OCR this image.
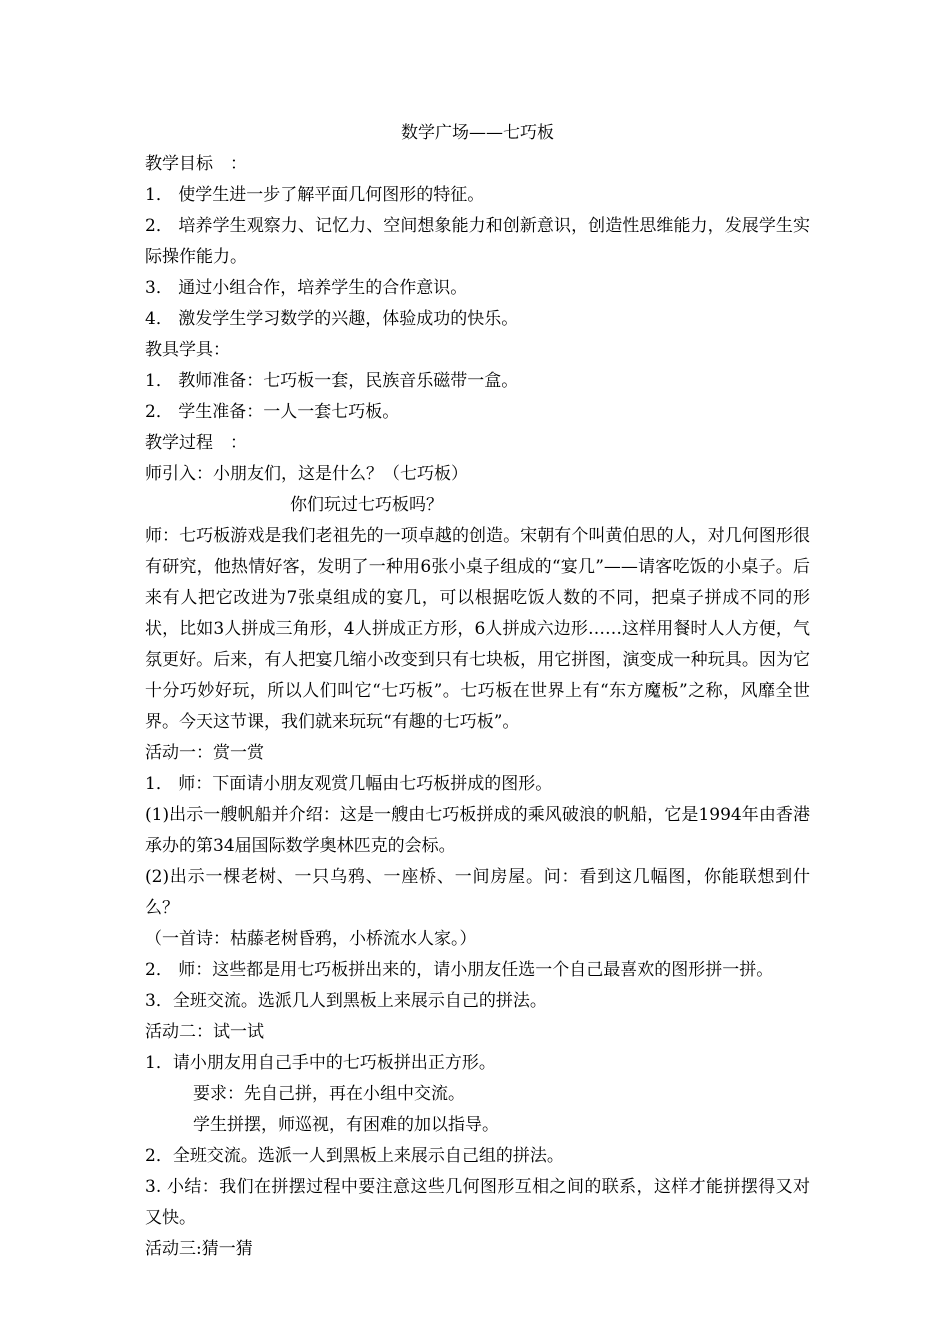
数学广场——七巧板
教学目标　：
1． 使学生进一步了解平面几何图形的特征。
2． 培养学生观察力、记忆力、空间想象能力和创新意识，创造性思维能力，发展学生实际操作能力。
3． 通过小组合作，培养学生的合作意识。
4． 激发学生学习数学的兴趣，体验成功的快乐。
教具学具：
1． 教师准备：七巧板一套，民族音乐磁带一盒。
2． 学生准备：一人一套七巧板。
教学过程　：
师引入：小朋友们，这是什么？（七巧板）
你们玩过七巧板吗？
师：七巧板游戏是我们老祖先的一项卓越的创造。宋朝有个叫黄伯思的人，对几何图形很有研究，他热情好客，发明了一种用6张小桌子组成的“宴几”——请客吃饭的小桌子。后来有人把它改进为7张桌组成的宴几，可以根据吃饭人数的不同，把桌子拼成不同的形状，比如3人拼成三角形，4人拼成正方形，6人拼成六边形……这样用餐时人人方便，气氛更好。后来，有人把宴几缩小改变到只有七块板，用它拼图，演变成一种玩具。因为它十分巧妙好玩，所以人们叫它“七巧板”。七巧板在世界上有“东方魔板”之称，风靡全世界。今天这节课，我们就来玩玩“有趣的七巧板”。
活动一：赏一赏
1． 师：下面请小朋友观赏几幅由七巧板拼成的图形。
(1)出示一艘帆船并介绍：这是一艘由七巧板拼成的乘风破浪的帆船，它是1994年由香港承办的第34届国际数学奥林匹克的会标。
(2)出示一棵老树、一只乌鸦、一座桥、一间房屋。问：看到这几幅图，你能联想到什么？
（一首诗：枯藤老树昏鸦，小桥流水人家。）
2． 师：这些都是用七巧板拼出来的，请小朋友任选一个自己最喜欢的图形拼一拼。
3．全班交流。选派几人到黑板上来展示自己的拼法。
活动二：试一试
1．请小朋友用自己手中的七巧板拼出正方形。
要求：先自己拼，再在小组中交流。
学生拼摆，师巡视，有困难的加以指导。
2．全班交流。选派一人到黑板上来展示自己组的拼法。
3. 小结：我们在拼摆过程中要注意这些几何图形互相之间的联系，这样才能拼摆得又对又快。
活动三:猜一猜
